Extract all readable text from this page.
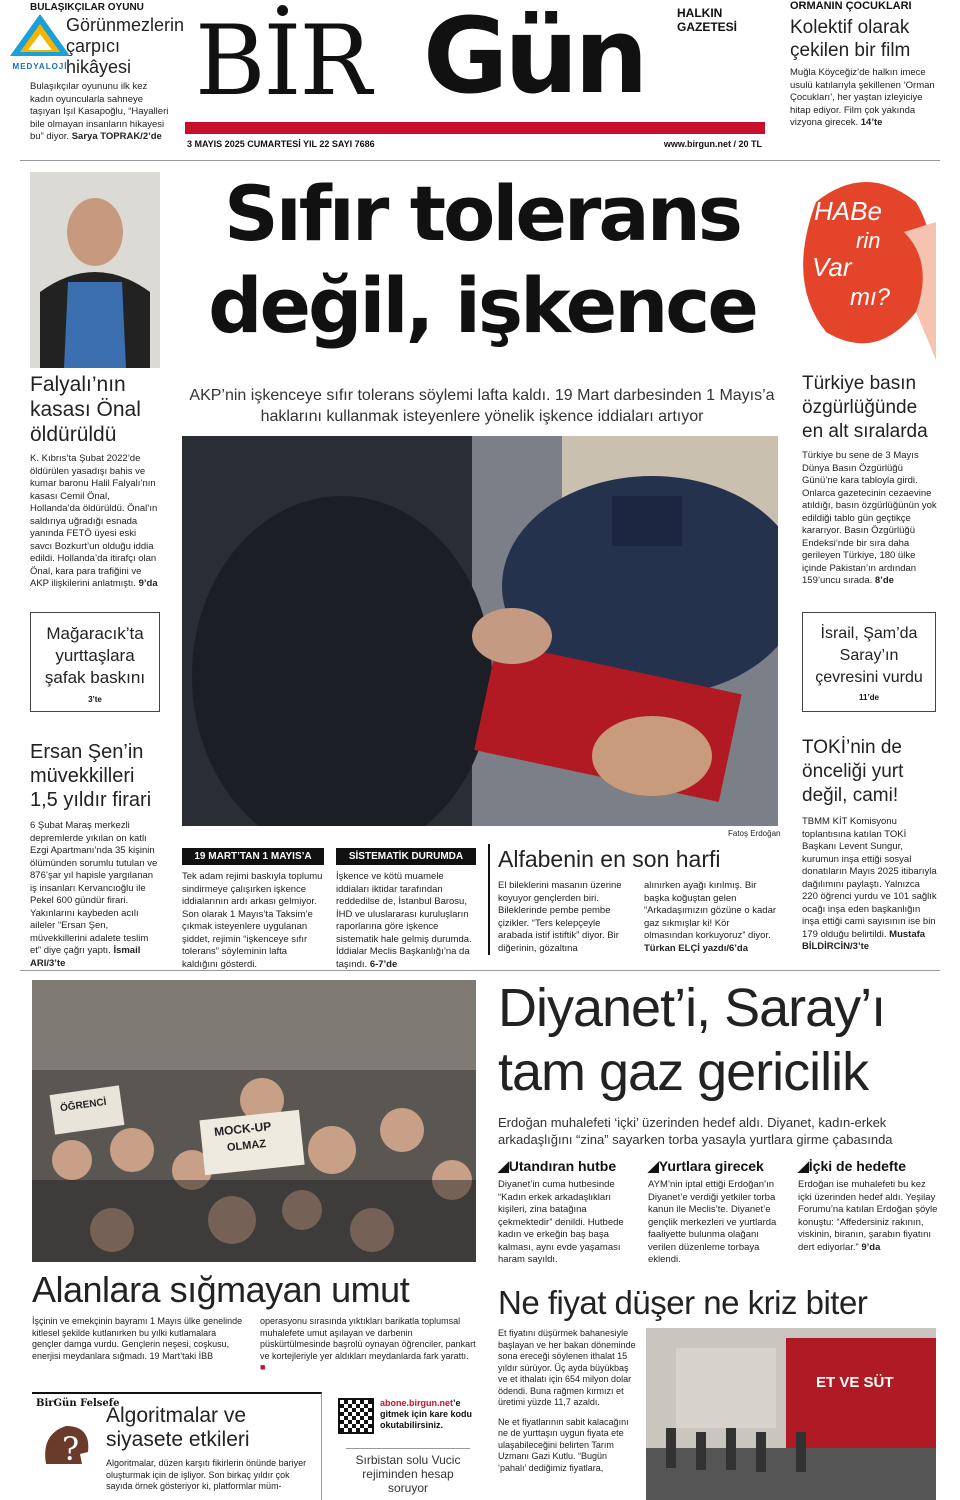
MEDYALOJİ
BULAŞIKÇILAR OYUNU
Görünmezlerin çarpıcı hikâyesi
Bulaşıkçılar oyununu ilk kez kadın oyuncularla sahneye taşıyan Işıl Kasapoğlu, “Hayalleri bile olmayan insanların hikayesi bu” diyor. Sarya TOPRAK/2’de
BİR Gün	HALKIN GAZETESİ
3 MAYIS 2025 CUMARTESİ YIL 22 SAYI 7686	www.birgun.net / 20 TL
ORMANIN ÇOCUKLARI
Kolektif olarak çekilen bir film
Muğla Köyceğiz’de halkın imece usulü katılarıyla şekillenen ‘Orman Çocukları’, her yaştan izleyiciye hitap ediyor. Film çok yakında vizyona girecek. 14’te
Sıfır tolerans
değil, işkence
AKP’nin işkenceye sıfır tolerans söylemi lafta kaldı. 19 Mart darbesinden 1 Mayıs’a haklarını kullanmak isteyenlere yönelik işkence iddiaları artıyor
Fatoş Erdoğan
Falyalı’nın kasası Önal öldürüldü
K. Kıbrıs’ta Şubat 2022’de öldürülen yasadışı bahis ve kumar baronu Halil Falyalı’nın kasası Cemil Önal, Hollanda’da öldürüldü. Önal’ın saldırıya uğradığı esnada yanında FETÖ üyesi eski savcı Bozkurt’un olduğu iddia edildi. Hollanda’da itirafçı olan Önal, kara para trafiğini ve AKP ilişkilerini anlatmıştı. 9’da
Mağaracık’ta yurttaşlara şafak baskını
3’te
Ersan Şen’in müvekkilleri 1,5 yıldır firari
6 Şubat Maraş merkezli depremlerde yıkılan on katlı Ezgi Apartmanı’nda 35 kişinin ölümünden sorumlu tutulan ve 876’şar yıl hapisle yargılanan iş insanları Kervancıoğlu ile Pekel 600 gündür firari. Yakınlarını kaybeden acılı aileler “Ersan Şen, müvekkillerini adalete teslim et” diye çağrı yaptı. İsmail ARI/3’te
HABe
rin
Var
mı?
Türkiye basın özgürlüğünde en alt sıralarda
Türkiye bu sene de 3 Mayıs Dünya Basın Özgürlüğü Günü’ne kara tabloyla girdi. Onlarca gazetecinin cezaevine atıldığı, basın özgürlüğünün yok edildiği tablo gün geçtikçe kararıyor. Basın Özgürlüğü Endeksi’nde bir sıra daha gerileyen Türkiye, 180 ülke içinde Pakistan’ın ardından 159’uncu sırada. 8’de
İsrail, Şam’da Saray’ın çevresini vurdu
11’de
TOKİ’nin de önceliği yurt değil, cami!
TBMM KİT Komisyonu toplantısına katılan TOKİ Başkanı Levent Sungur, kurumun inşa ettiği sosyal donatıların Mayıs 2025 itibarıyla dağılımını paylaştı. Yalnızca 220 öğrenci yurdu ve 101 sağlık ocağı inşa eden başkanlığın inşa ettiği cami sayısının ise bin 179 olduğu belirtildi. Mustafa BİLDİRCİN/3’te
19 MART’TAN 1 MAYIS’A
Tek adam rejimi baskıyla toplumu sindirmeye çalışırken işkence iddialarının ardı arkası gelmiyor. Son olarak 1 Mayıs’ta Taksim’e çıkmak isteyenlere uygulanan şiddet, rejimin “işkenceye sıfır tolerans” söyleminin lafta kaldığını gösterdi.
SİSTEMATİK DURUMDA
İşkence ve kötü muamele iddiaları iktidar tarafından reddedilse de, İstanbul Barosu, İHD ve uluslararası kuruluşların raporlarına göre işkence sistematik hale gelmiş durumda. İddialar Meclis Başkanlığı’na da taşındı. 6-7’de
Alfabenin en son harfi
El bileklerini masanın üzerine koyuyor gençlerden biri. Bileklerinde pembe pembe çizikler. “Ters kelepçeyle arabada istif istiftik” diyor. Bir diğerinin, gözaltına
alınırken ayağı kırılmış. Bir başka koğuştan gelen “Arkadaşımızın gözüne o kadar gaz sıkmışlar ki! Kör olmasından korkuyoruz” diyor. Türkan ELÇİ yazdı/6’da
MOCK-UP
OLMAZ
ÖĞRENCİ
Alanlara sığmayan umut
İşçinin ve emekçinin bayramı 1 Mayıs ülke genelinde kitlesel şekilde kutlanırken bu yılki kutlamalara gençler damga vurdu. Gençlerin neşesi, coşkusu, enerjisi meydanlara sığmadı. 19 Mart’taki İBB
operasyonu sırasında yıktıkları barikatla toplumsal muhalefete umut aşılayan ve darbenin püskürtülmesinde başrolü oynayan öğrenciler, pankart ve kortejleriyle yer aldıkları meydanlarda fark yarattı. ■
Diyanet’i, Saray’ı
tam gaz gericilik
Erdoğan muhalefeti ‘içki’ üzerinden hedef aldı. Diyanet, kadın-erkek arkadaşlığını “zina” sayarken torba yasayla yurtlara girme çabasında
◢Utandıran hutbe
Diyanet’in cuma hutbesinde “Kadın erkek arkadaşlıkları kişileri, zina batağına çekmektedir” denildi. Hutbede kadın ve erkeğin baş başa kalması, aynı evde yaşaması haram sayıldı.
◢Yurtlara girecek
AYM’nin iptal ettiği Erdoğan’ın Diyanet’e verdiği yetkiler torba kanun ile Meclis’te. Diyanet’e gençlik merkezleri ve yurtlarda faaliyette bulunma olağanı verilen düzenleme torbaya eklendi.
◢İçki de hedefte
Erdoğan ise muhalefeti bu kez içki üzerinden hedef aldı. Yeşilay Forumu’na katılan Erdoğan şöyle konuştu: “Affedersiniz rakının, viskinin, biranın, şarabın fiyatını dert ediyorlar.” 9’da
Ne fiyat düşer ne kriz biter
Et fiyatını düşürmek bahanesiyle başlayan ve her bakan döneminde sona ereceği söylenen ithalat 15 yıldır sürüyor. Üç ayda büyükbaş ve et ithalatı için 654 milyon dolar ödendi. Buna rağmen kırmızı et üretimi yüzde 11,7 azaldı.
Ne et fiyatlarının sabit kalacağını ne de yurttaşın uygun fiyata ete ulaşabileceğini belirten Tarım Uzmanı Gazi Kutlu. “Bugün ‘pahalı’ dediğimiz fiyatlara,
ET VE SÜT
BirGün Felsefe
?
Algoritmalar ve siyasete etkileri
Algoritmalar, düzen karşıtı fikirlerin önünde bariyer oluşturmak için de işliyor. Son birkaç yıldır çok sayıda örnek gösteriyor ki, platformlar müm-
abone.birgun.net’e gitmek için kare kodu okutabilirsiniz.
Sırbistan solu Vucic rejiminden hesap soruyor
